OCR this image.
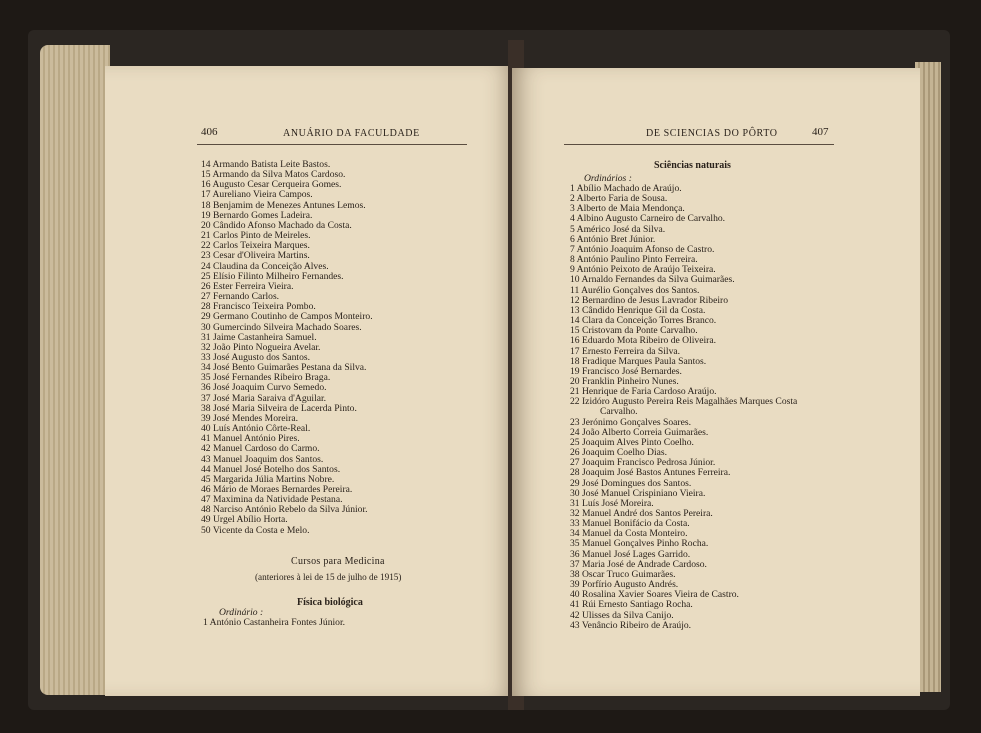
406	ANUÁRIO DA FACULDADE
14 Armando Batista Leite Bastos.
15 Armando da Silva Matos Cardoso.
16 Augusto Cesar Cerqueira Gomes.
17 Aureliano Vieira Campos.
18 Benjamim de Menezes Antunes Lemos.
19 Bernardo Gomes Ladeira.
20 Cândido Afonso Machado da Costa.
21 Carlos Pinto de Meireles.
22 Carlos Teixeira Marques.
23 Cesar d'Oliveira Martins.
24 Claudina da Conceição Alves.
25 Elísio Filinto Milheiro Fernandes.
26 Ester Ferreira Vieira.
27 Fernando Carlos.
28 Francisco Teixeira Pombo.
29 Germano Coutinho de Campos Monteiro.
30 Gumercindo Silveira Machado Soares.
31 Jaime Castanheira Samuel.
32 João Pinto Nogueira Avelar.
33 José Augusto dos Santos.
34 José Bento Guimarães Pestana da Silva.
35 José Fernandes Ribeiro Braga.
36 José Joaquim Curvo Semedo.
37 José Maria Saraiva d'Aguilar.
38 José Maria Silveira de Lacerda Pinto.
39 José Mendes Moreira.
40 Luís António Côrte-Real.
41 Manuel António Pires.
42 Manuel Cardoso do Carmo.
43 Manuel Joaquim dos Santos.
44 Manuel José Botelho dos Santos.
45 Margarida Júlia Martins Nobre.
46 Mário de Moraes Bernardes Pereira.
47 Maximina da Natividade Pestana.
48 Narciso António Rebelo da Silva Júnior.
49 Urgel Abílio Horta.
50 Vicente da Costa e Melo.
Cursos para Medicina
(anteriores à lei de 15 de julho de 1915)
Física biológica
Ordinário :
1 António Castanheira Fontes Júnior.
DE SCIENCIAS DO PÔRTO	407
Sciências naturais
Ordinários :
1 Abílio Machado de Araújo.
2 Alberto Faria de Sousa.
3 Alberto de Maia Mendonça.
4 Albino Augusto Carneiro de Carvalho.
5 Américo José da Silva.
6 António Bret Júnior.
7 António Joaquim Afonso de Castro.
8 António Paulino Pinto Ferreira.
9 António Peixoto de Araújo Teixeira.
10 Arnaldo Fernandes da Silva Guimarães.
11 Aurélio Gonçalves dos Santos.
12 Bernardino de Jesus Lavrador Ribeiro
13 Cândido Henrique Gil da Costa.
14 Clara da Conceição Torres Branco.
15 Cristovam da Ponte Carvalho.
16 Eduardo Mota Ribeiro de Oliveira.
17 Ernesto Ferreira da Silva.
18 Fradique Marques Paula Santos.
19 Francisco José Bernardes.
20 Franklin Pinheiro Nunes.
21 Henrique de Faria Cardoso Araújo.
22 Izidóro Augusto Pereira Reis Magalhães Marques Costa
Carvalho.
23 Jerónimo Gonçalves Soares.
24 João Alberto Correia Guimarães.
25 Joaquim Alves Pinto Coelho.
26 Joaquim Coelho Dias.
27 Joaquim Francisco Pedrosa Júnior.
28 Joaquim José Bastos Antunes Ferreira.
29 José Domingues dos Santos.
30 José Manuel Crispiniano Vieira.
31 Luís José Moreira.
32 Manuel André dos Santos Pereira.
33 Manuel Bonifácio da Costa.
34 Manuel da Costa Monteiro.
35 Manuel Gonçalves Pinho Rocha.
36 Manuel José Lages Garrido.
37 Maria José de Andrade Cardoso.
38 Oscar Truco Guimarães.
39 Porfírio Augusto Andrés.
40 Rosalina Xavier Soares Vieira de Castro.
41 Rúi Ernesto Santiago Rocha.
42 Ulisses da Silva Canijo.
43 Venâncio Ribeiro de Araújo.
